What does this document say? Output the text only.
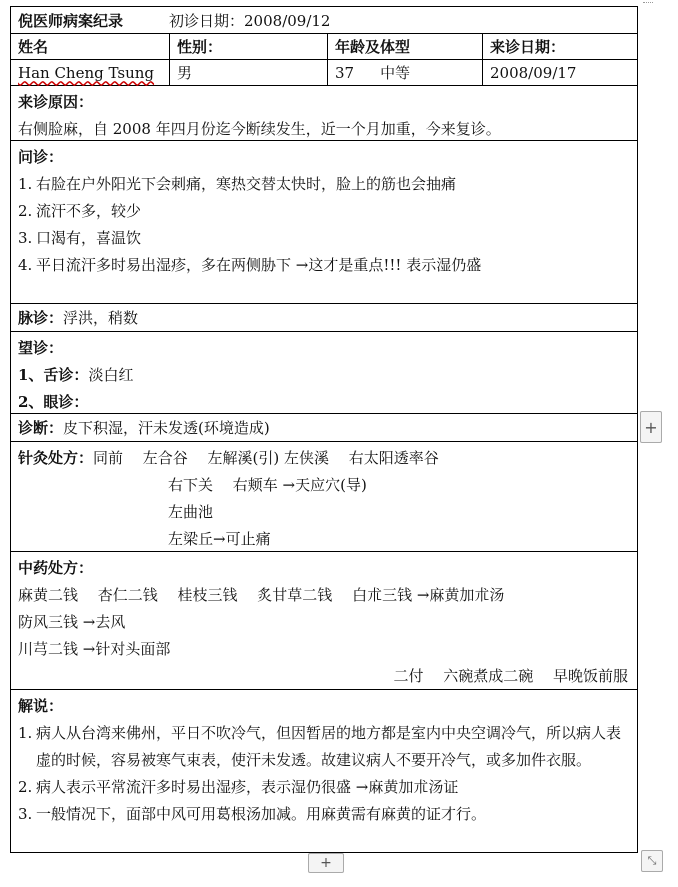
倪医师病案纪录	初诊日期：2008/09/12
姓名	性别：	年龄及体型	来诊日期：
Han Cheng Tsung	男	37 中等	2008/09/17
来诊原因：
右侧脸麻，自 2008 年四月份迄今断续发生，近一个月加重，今来复诊。
问诊：
1. 右脸在户外阳光下会刺痛，寒热交替太快时，脸上的筋也会抽痛
2. 流汗不多，较少
3. 口渴有，喜温饮
4. 平日流汗多时易出湿疹，多在两侧胁下 →这才是重点!!! 表示湿仍盛
脉诊：浮洪，稍数
望诊：
1、舌诊：淡白红
2、眼诊：
诊断：皮下积湿，汗未发透(环境造成)
针灸处方：同前　 左合谷　 左解溪(引) 左侠溪　 右太阳透率谷
右下关　 右颊车 →天应穴(导)
左曲池
左梁丘→可止痛
中药处方：
麻黄二钱　 杏仁二钱　 桂枝三钱　 炙甘草二钱　 白朮三钱 →麻黄加朮汤
防风三钱 →去风
川芎二钱 →针对头面部
二付　 六碗煮成二碗　 早晚饭前服
解说：
1. 病人从台湾来佛州，平日不吹冷气，但因暂居的地方都是室内中央空调冷气，所以病人表虚的时候，容易被寒气束表，使汗未发透。故建议病人不要开冷气，或多加件衣服。
2. 病人表示平常流汗多时易出湿疹，表示湿仍很盛 →麻黄加朮汤证
3. 一般情况下，面部中风可用葛根汤加减。用麻黄需有麻黄的证才行。
+
+	⤡
